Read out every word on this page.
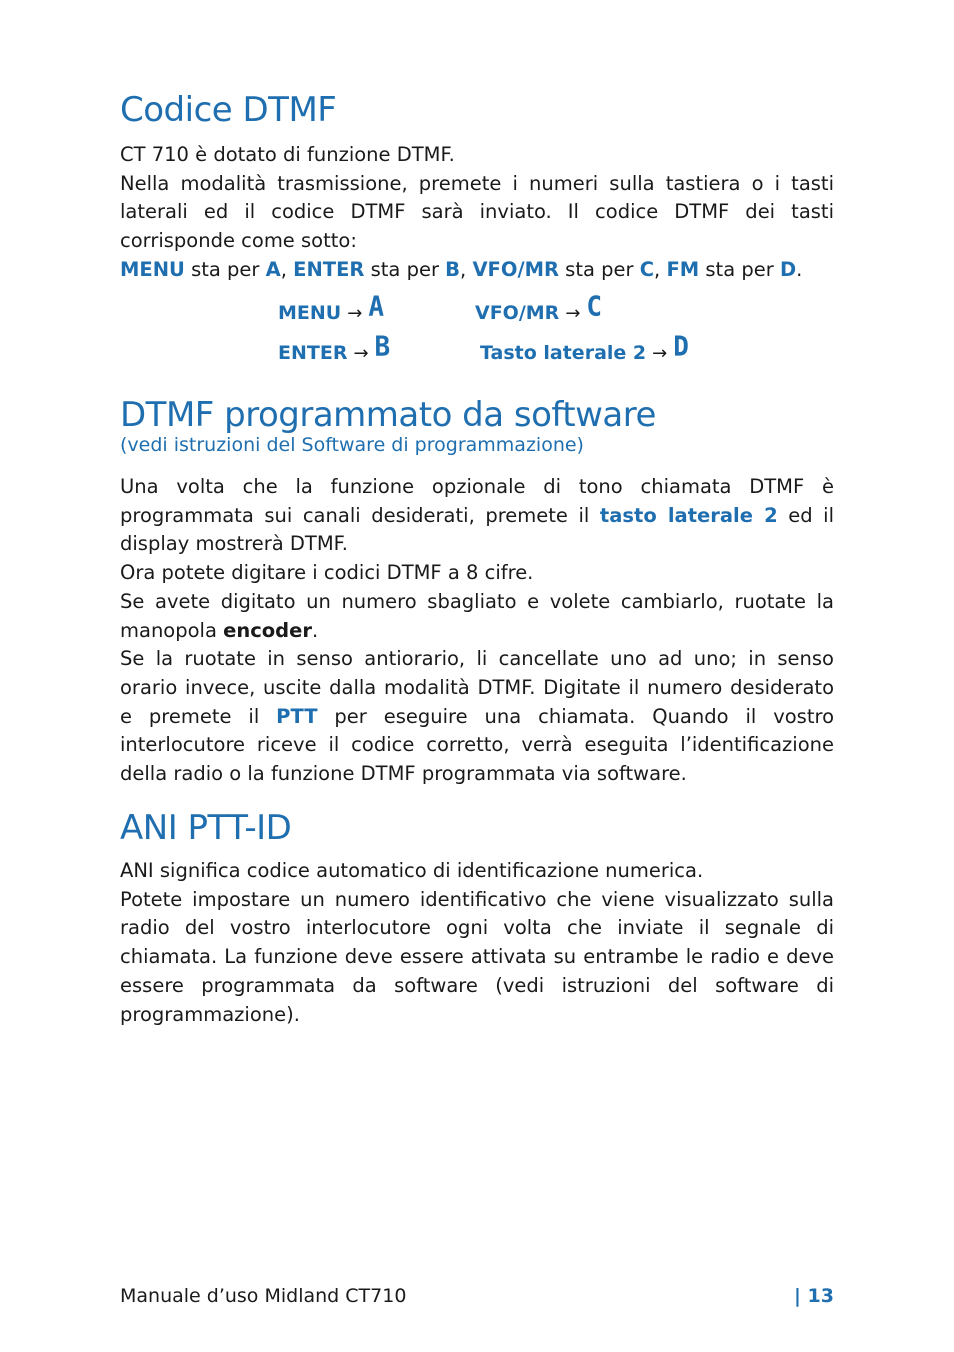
Codice DTMF

CT 710 è dotato di funzione DTMF.

Nella modalità trasmissione, premete i numeri sulla tastiera o i tasti laterali ed il codice DTMF sarà inviato. Il codice DTMF dei tasti corrisponde come sotto:

MENU sta per A, ENTER sta per B, VFO/MR sta per C, FM sta per D.

DTMF programmato da software
(vedi istruzioni del Software di programmazione)

Una volta che la funzione opzionale di tono chiamata DTMF è programmata sui canali desiderati, premete il tasto laterale 2 ed il display mostrerà DTMF.

Ora potete digitare i codici DTMF a 8 cifre.

Se avete digitato un numero sbagliato e volete cambiarlo, ruotate la manopola encoder.

Se la ruotate in senso antiorario, li cancellate uno ad uno; in senso orario invece, uscite dalla modalità DTMF. Digitate il numero desiderato e premete il PTT per eseguire una chiamata. Quando il vostro interlocutore riceve il codice corretto, verrà eseguita l’identificazione della radio o la funzione DTMF programmata via software.

ANI PTT-ID

ANI significa codice automatico di identificazione numerica.

Potete impostare un numero identificativo che viene visualizzato sulla radio del vostro interlocutore ogni volta che inviate il segnale di chiamata. La funzione deve essere attivata su entrambe le radio e deve essere programmata da software (vedi istruzioni del software di programmazione).

MENU → A	VFO/MR → C
ENTER → B	Tasto laterale 2 → D
Manuale d’uso Midland CT710	| 13
